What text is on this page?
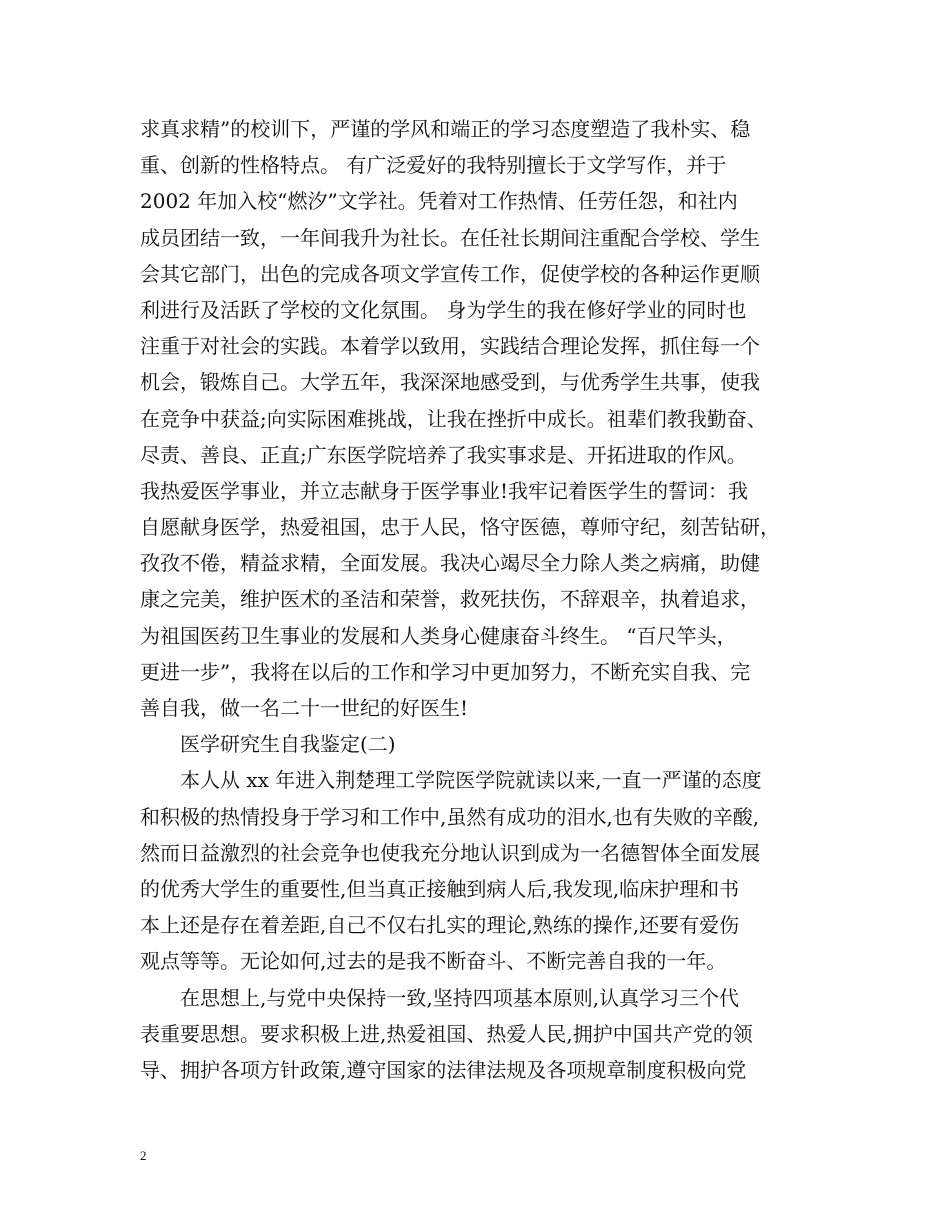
求真求精”的校训下，严谨的学风和端正的学习态度塑造了我朴实、稳
重、创新的性格特点。 有广泛爱好的我特别擅长于文学写作，并于
2002 年加入校“燃汐”文学社。凭着对工作热情、任劳任怨，和社内
成员团结一致，一年间我升为社长。在任社长期间注重配合学校、学生
会其它部门，出色的完成各项文学宣传工作，促使学校的各种运作更顺
利进行及活跃了学校的文化氛围。 身为学生的我在修好学业的同时也
注重于对社会的实践。本着学以致用，实践结合理论发挥，抓住每一个
机会，锻炼自己。大学五年，我深深地感受到，与优秀学生共事，使我
在竞争中获益;向实际困难挑战，让我在挫折中成长。祖辈们教我勤奋、
尽责、善良、正直;广东医学院培养了我实事求是、开拓进取的作风。
我热爱医学事业，并立志献身于医学事业!我牢记着医学生的誓词：我
自愿献身医学，热爱祖国，忠于人民，恪守医德，尊师守纪，刻苦钻研，
孜孜不倦，精益求精，全面发展。我决心竭尽全力除人类之病痛，助健
康之完美，维护医术的圣洁和荣誉，救死扶伤，不辞艰辛，执着追求，
为祖国医药卫生事业的发展和人类身心健康奋斗终生。 “百尺竿头，
更进一步”，我将在以后的工作和学习中更加努力，不断充实自我、完
善自我，做一名二十一世纪的好医生!
　　医学研究生自我鉴定(二)
　　本人从 xx 年进入荆楚理工学院医学院就读以来,一直一严谨的态度
和积极的热情投身于学习和工作中,虽然有成功的泪水,也有失败的辛酸,
然而日益激烈的社会竞争也使我充分地认识到成为一名德智体全面发展
的优秀大学生的重要性,但当真正接触到病人后,我发现,临床护理和书
本上还是存在着差距,自己不仅右扎实的理论,熟练的操作,还要有爱伤
观点等等。无论如何,过去的是我不断奋斗、不断完善自我的一年。
　　在思想上,与党中央保持一致,坚持四项基本原则,认真学习三个代
表重要思想。要求积极上进,热爱祖国、热爱人民,拥护中国共产党的领
导、拥护各项方针政策,遵守国家的法律法规及各项规章制度积极向党
2
